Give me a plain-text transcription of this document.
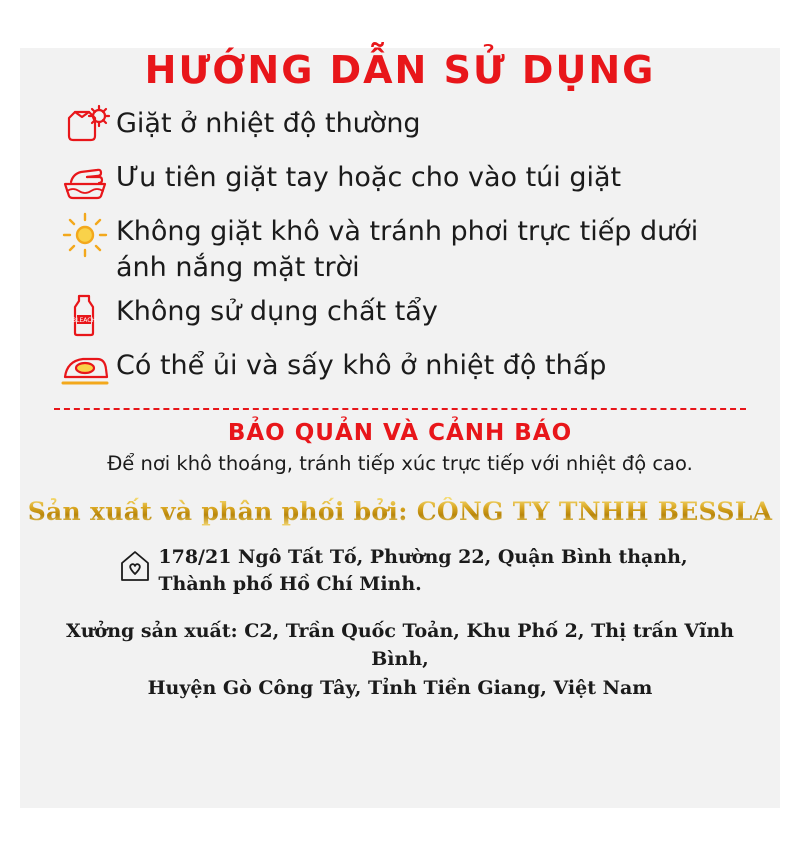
HƯỚNG DẪN SỬ DỤNG
Giặt ở nhiệt độ thường
Ưu tiên giặt tay hoặc cho vào túi giặt
Không giặt khô và tránh phơi trực tiếp dưới
ánh nắng mặt trời
BLEACH Không sử dụng chất tẩy
Có thể ủi và sấy khô ở nhiệt độ thấp
BẢO QUẢN VÀ CẢNH BÁO
Để nơi khô thoáng, tránh tiếp xúc trực tiếp với nhiệt độ cao.
Sản xuất và phân phối bởi: CÔNG TY TNHH BESSLA
178/21 Ngô Tất Tố, Phường 22, Quận Bình thạnh,
Thành phố Hồ Chí Minh.
Xưởng sản xuất: C2, Trần Quốc Toản, Khu Phố 2, Thị trấn Vĩnh Bình,
Huyện Gò Công Tây, Tỉnh Tiền Giang, Việt Nam
